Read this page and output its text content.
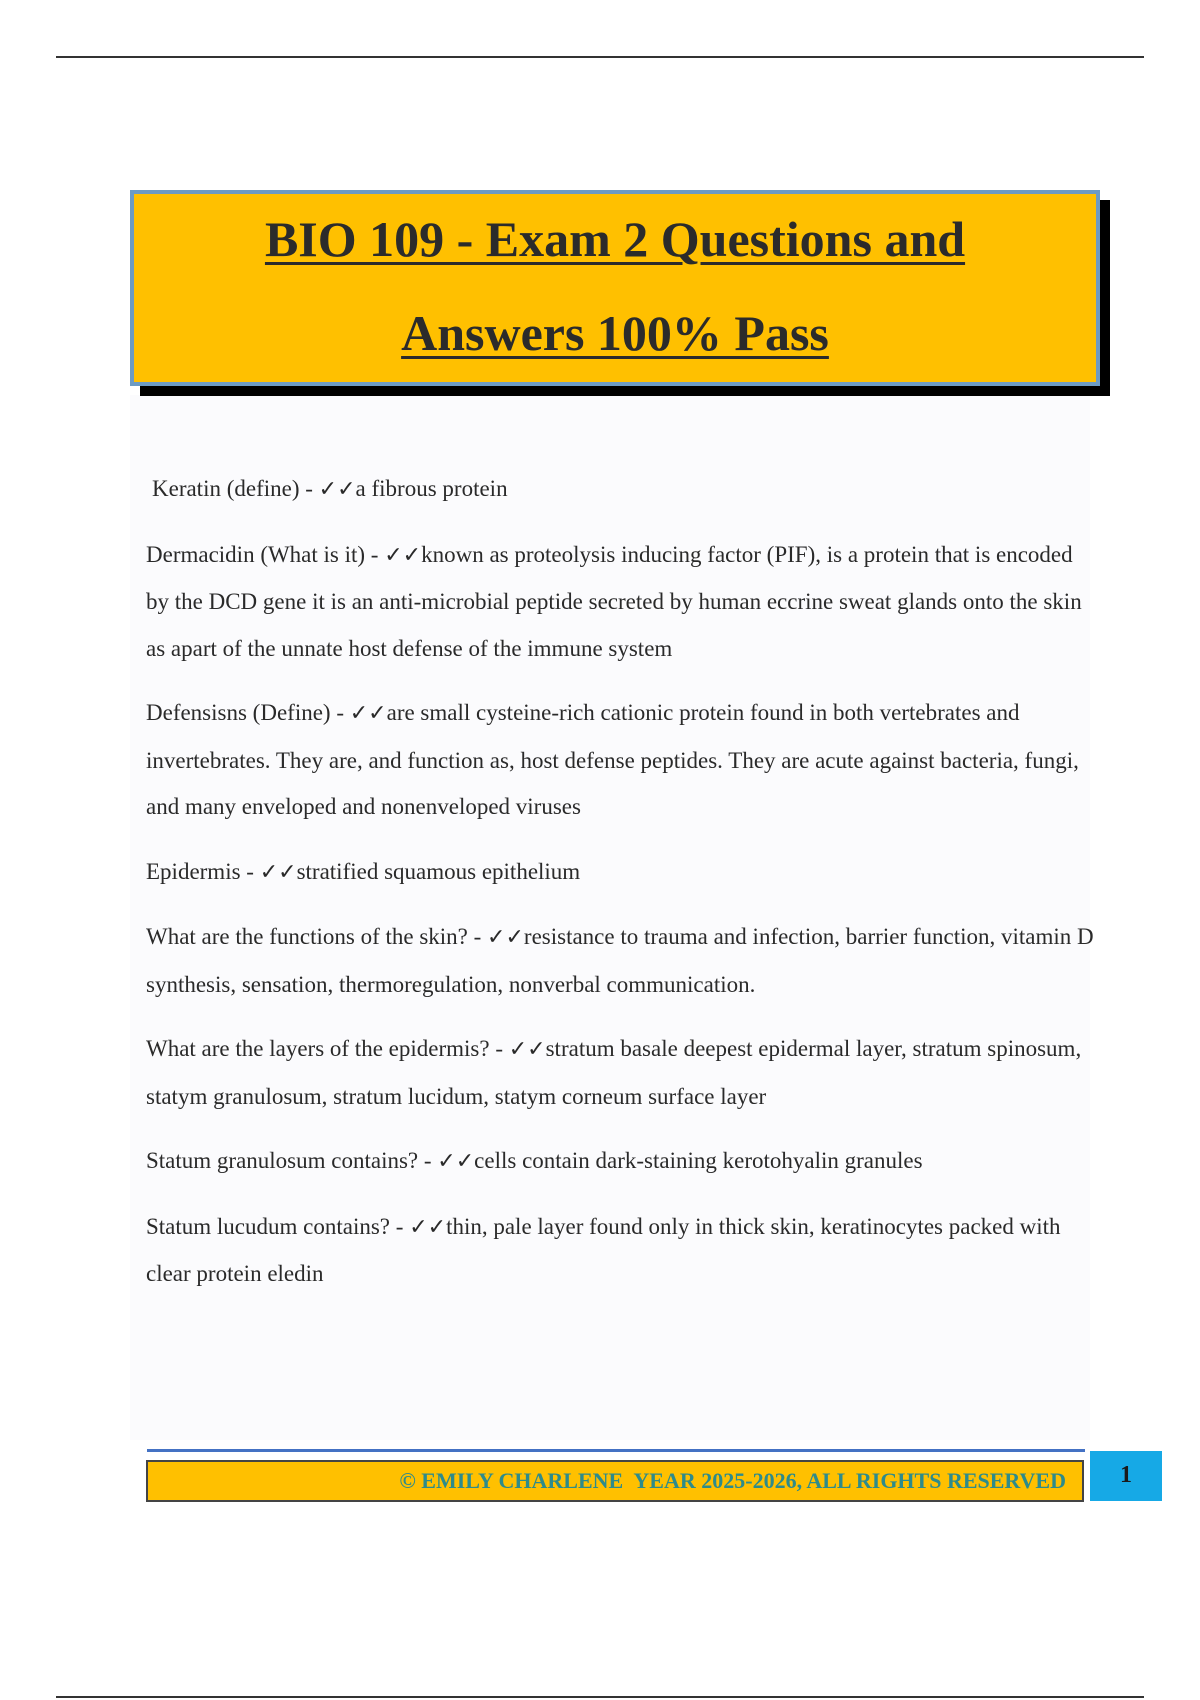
BIO 109 - Exam 2 Questions and
Answers 100% Pass

Keratin (define) - ✓✓a fibrous protein

Dermacidin (What is it) - ✓✓known as proteolysis inducing factor (PIF), is a protein that is encoded by the DCD gene it is an anti-microbial peptide secreted by human eccrine sweat glands onto the skin as apart of the unnate host defense of the immune system

Defensisns (Define) - ✓✓are small cysteine-rich cationic protein found in both vertebrates and invertebrates. They are, and function as, host defense peptides. They are acute against bacteria, fungi, and many enveloped and nonenveloped viruses

Epidermis - ✓✓stratified squamous epithelium

What are the functions of the skin? - ✓✓resistance to trauma and infection, barrier function, vitamin D synthesis, sensation, thermoregulation, nonverbal communication.

What are the layers of the epidermis? - ✓✓stratum basale deepest epidermal layer, stratum spinosum, statym granulosum, stratum lucidum, statym corneum surface layer

Statum granulosum contains? - ✓✓cells contain dark-staining kerotohyalin granules

Statum lucudum contains? - ✓✓thin, pale layer found only in thick skin, keratinocytes packed with clear protein eledin

© EMILY CHARLENE  YEAR 2025-2026, ALL RIGHTS RESERVED	1
